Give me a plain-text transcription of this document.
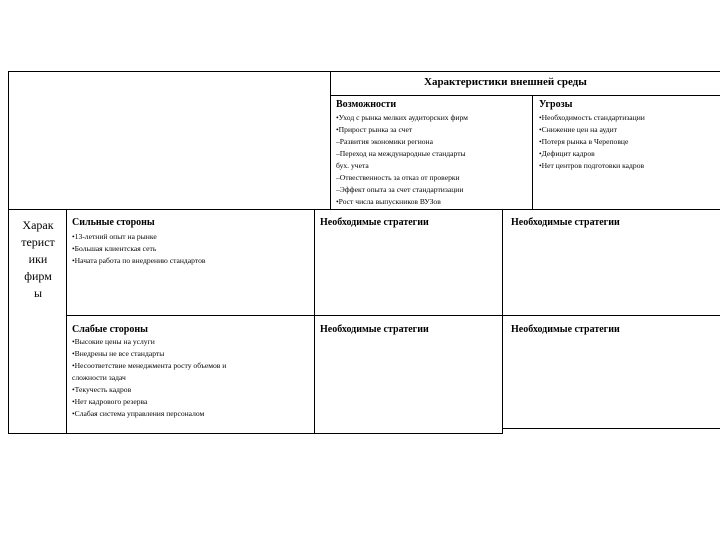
Характеристики внешней среды
Возможности
•Уход с рынка мелких аудиторских фирм
•Прирост рынка за счет
–Развития экономики региона
–Переход на международные стандарты
бух. учета
–Отвественность за отказ от проверки
–Эффект опыта за счет стандартизации
•Рост числа выпускников ВУЗов
Угрозы
•Необходимость стандартизации
•Снижение цен на аудит
•Потеря рынка в Череповце
•Дефицит кадров
•Нет центров подготовки кадров
Харак
терист
ики
фирм
ы
Сильные стороны
•13-летний опыт на рынке
•Большая клиентская сеть
•Начата работа по внедрению стандартов
Необходимые стратегии	Необходимые стратегии
Слабые стороны
•Высокие цены на услуги
•Внедрены не все стандарты
•Несоответствие менеджмента росту объемов и
сложности задач
•Текучесть кадров
•Нет кадрового резерва
•Слабая система управления персоналом
Необходимые стратегии	Необходимые стратегии
